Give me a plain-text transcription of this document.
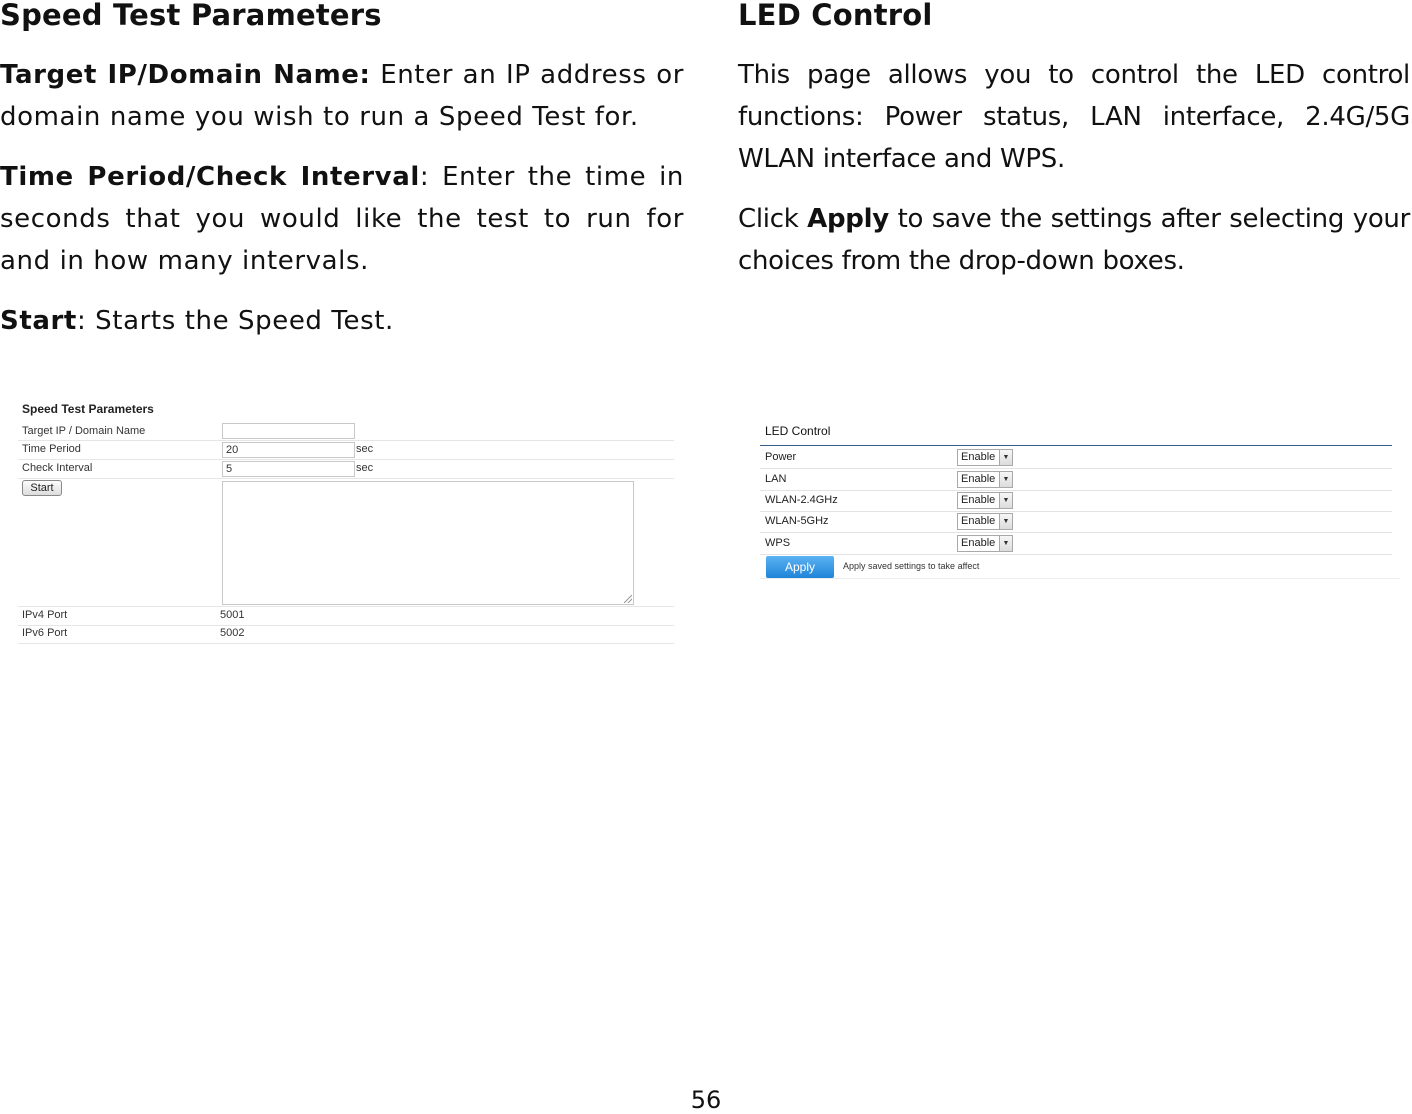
Speed Test Parameters

Target IP/Domain Name: Enter an IP address or domain name you wish to run a Speed Test for.

Time Period/Check Interval: Enter the time in seconds that you would like the test to run for and in how many intervals.

Start: Starts the Speed Test.

LED Control

This page allows you to control the LED control functions: Power status, LAN interface, 2.4G/5G WLAN interface and WPS.

Click Apply to save the settings after selecting your choices from the drop-down boxes.

Speed Test Parameters
Target IP / Domain Name
Time Period	20	sec
Check Interval	5	sec
Start
IPv4 Port	5001
IPv6 Port	5002
LED Control
Power	Enable	▼
LAN	Enable	▼
WLAN-2.4GHz	Enable	▼
WLAN-5GHz	Enable	▼
WPS	Enable	▼
Apply	Apply saved settings to take affect
56
